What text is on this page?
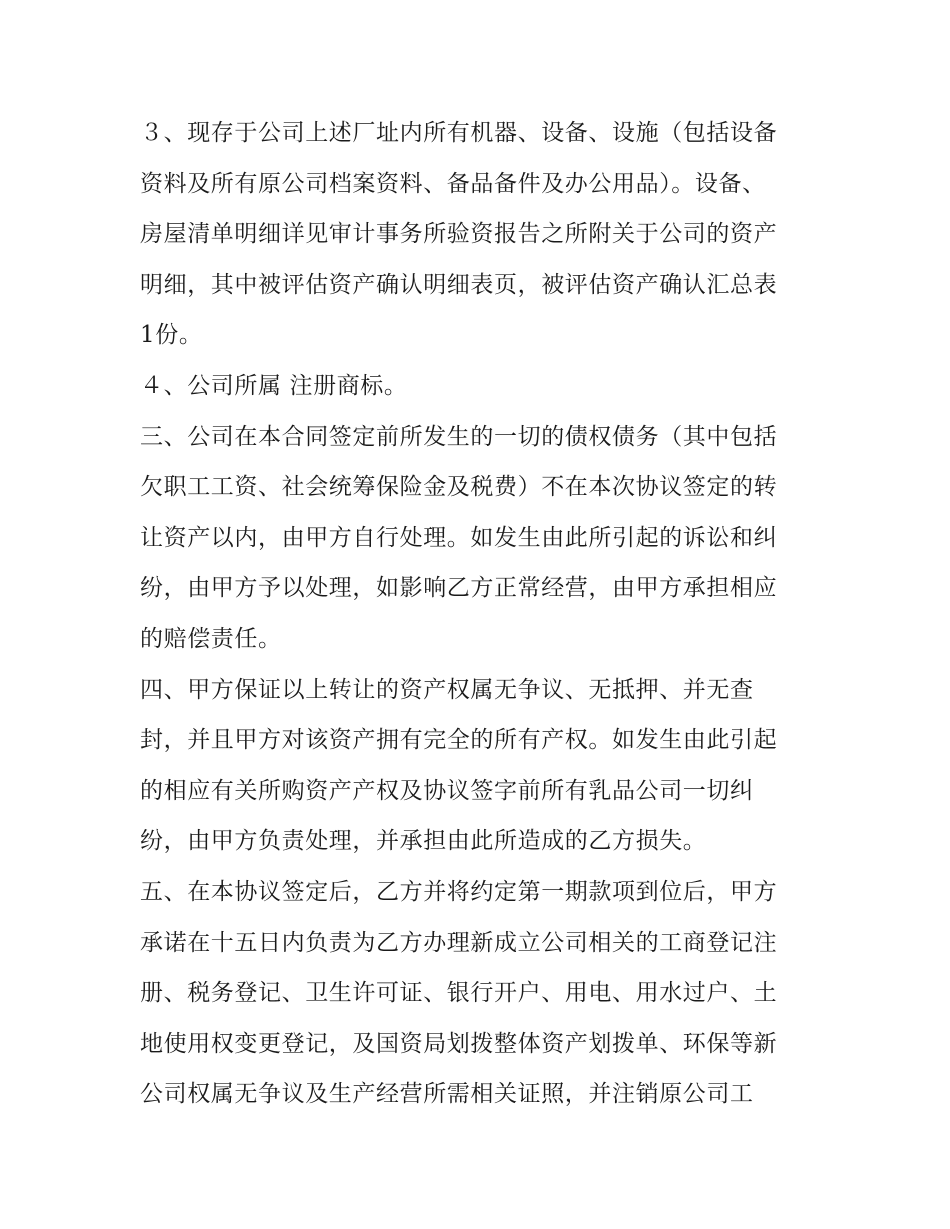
３、现存于公司上述厂址内所有机器、设备、设施（包括设备
资料及所有原公司档案资料、备品备件及办公用品）。设备、
房屋清单明细详见审计事务所验资报告之所附关于公司的资产
明细，其中被评估资产确认明细表页，被评估资产确认汇总表
1份。
４、公司所属 注册商标。
三、公司在本合同签定前所发生的一切的债权债务（其中包括
欠职工工资、社会统筹保险金及税费）不在本次协议签定的转
让资产以内，由甲方自行处理。如发生由此所引起的诉讼和纠
纷，由甲方予以处理，如影响乙方正常经营，由甲方承担相应
的赔偿责任。
四、甲方保证以上转让的资产权属无争议、无抵押、并无查
封，并且甲方对该资产拥有完全的所有产权。如发生由此引起
的相应有关所购资产产权及协议签字前所有乳品公司一切纠
纷，由甲方负责处理，并承担由此所造成的乙方损失。
五、在本协议签定后，乙方并将约定第一期款项到位后，甲方
承诺在十五日内负责为乙方办理新成立公司相关的工商登记注
册、税务登记、卫生许可证、银行开户、用电、用水过户、土
地使用权变更登记，及国资局划拨整体资产划拨单、环保等新
公司权属无争议及生产经营所需相关证照，并注销原公司工
